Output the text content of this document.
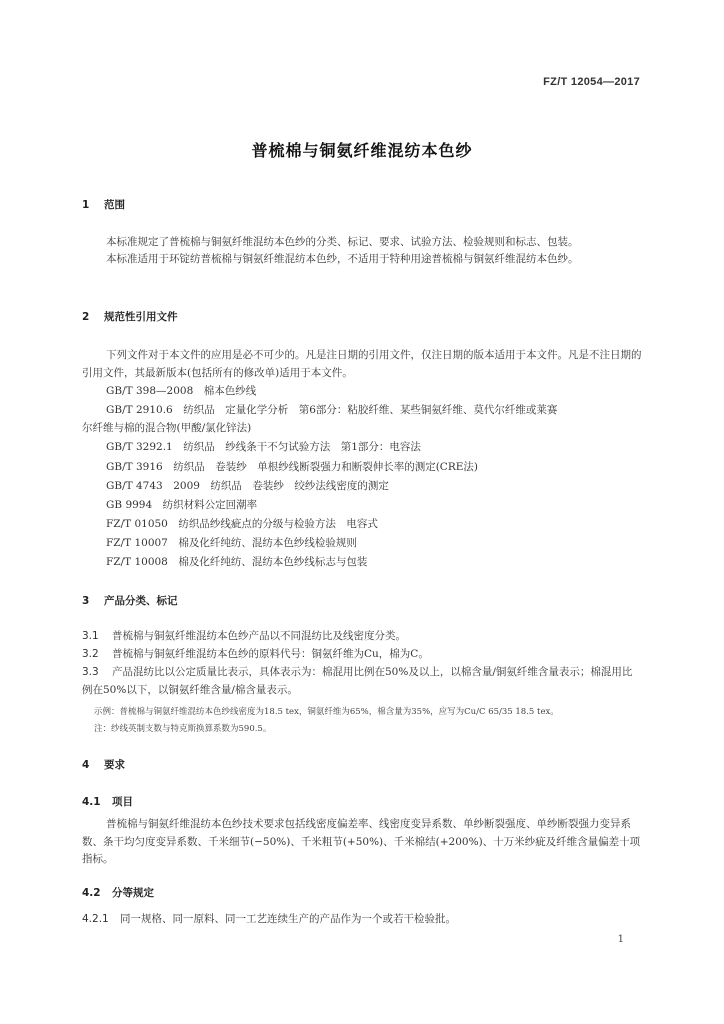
FZ/T 12054—2017
普梳棉与铜氨纤维混纺本色纱
1 范围
本标准规定了普梳棉与铜氨纤维混纺本色纱的分类、标记、要求、试验方法、检验规则和标志、包装。
本标准适用于环锭纺普梳棉与铜氨纤维混纺本色纱，不适用于特种用途普梳棉与铜氨纤维混纺本色纱。
2 规范性引用文件
下列文件对于本文件的应用是必不可少的。凡是注日期的引用文件，仅注日期的版本适用于本文件。凡是不注日期的引用文件，其最新版本(包括所有的修改单)适用于本文件。
GB/T 398—2008　棉本色纱线
GB/T 2910.6　纺织品　定量化学分析　第6部分：粘胶纤维、某些铜氨纤维、莫代尔纤维或莱赛
尔纤维与棉的混合物(甲酸/氯化锌法)
GB/T 3292.1　纺织品　纱线条干不匀试验方法　第1部分：电容法
GB/T 3916　纺织品　卷装纱　单根纱线断裂强力和断裂伸长率的测定(CRE法)
GB/T 4743　2009　纺织品　卷装纱　绞纱法线密度的测定
GB 9994　纺织材料公定回潮率
FZ/T 01050　纺织品纱线疵点的分级与检验方法　电容式
FZ/T 10007　棉及化纤纯纺、混纺本色纱线检验规则
FZ/T 10008　棉及化纤纯纺、混纺本色纱线标志与包装
3 产品分类、标记
3.1 普梳棉与铜氨纤维混纺本色纱产品以不同混纺比及线密度分类。
3.2 普梳棉与铜氨纤维混纺本色纱的原料代号：铜氨纤维为Cu，棉为C。
3.3 产品混纺比以公定质量比表示，具体表示为：棉混用比例在50%及以上，以棉含量/铜氨纤维含量表示；棉混用比例在50%以下，以铜氨纤维含量/棉含量表示。
示例：普梳棉与铜氨纤维混纺本色纱线密度为18.5 tex，铜氨纤维为65%，棉含量为35%，应写为Cu/C 65/35 18.5 tex。
注：纱线英制支数与特克斯换算系数为590.5。
4 要求
4.1 项目
普梳棉与铜氨纤维混纺本色纱技术要求包括线密度偏差率、线密度变异系数、单纱断裂强度、单纱断裂强力变异系数、条干均匀度变异系数、千米细节(−50%)、千米粗节(+50%)、千米棉结(+200%)、十万米纱疵及纤维含量偏差十项指标。
4.2 分等规定
4.2.1 同一规格、同一原料、同一工艺连续生产的产品作为一个或若干检验批。
1
